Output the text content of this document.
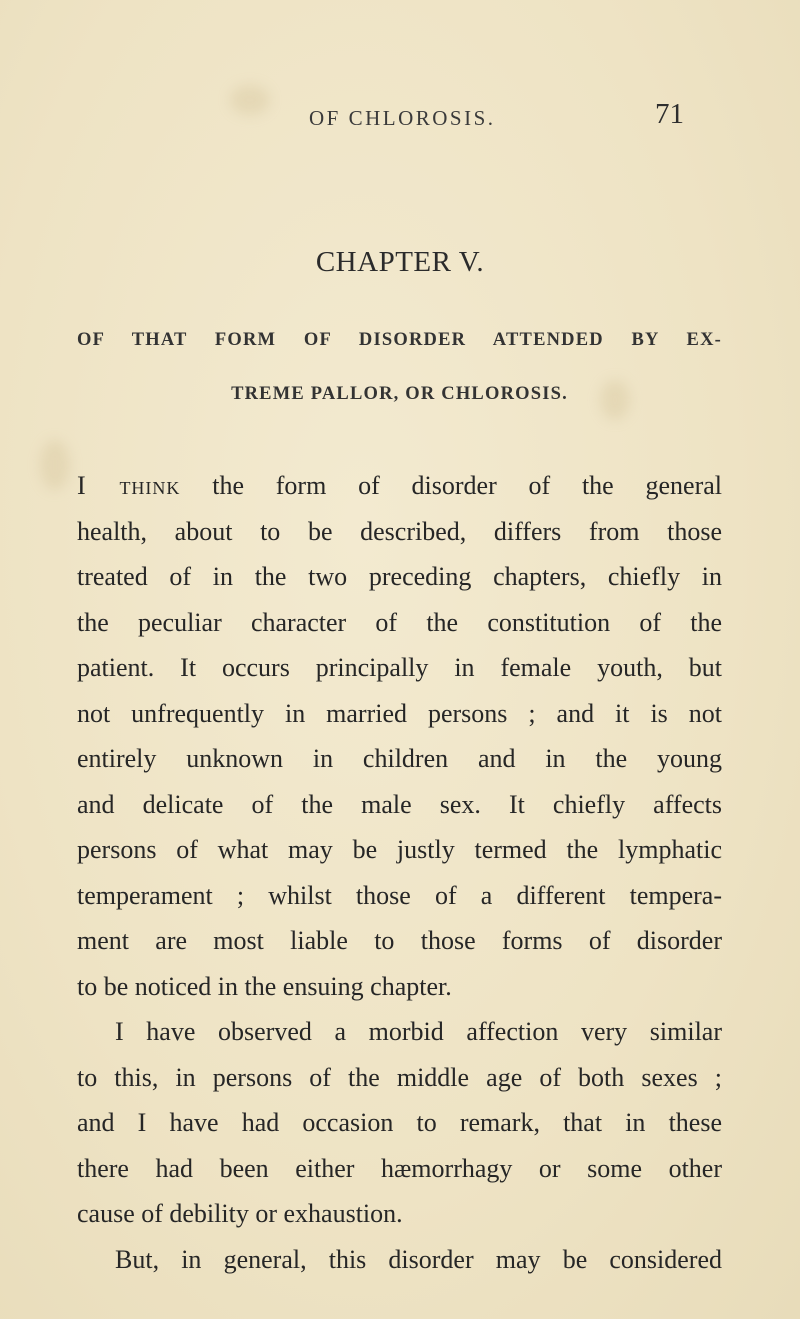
OF CHLOROSIS.	71
CHAPTER V.
OF THAT FORM OF DISORDER ATTENDED BY EX-
TREME PALLOR, OR CHLOROSIS.
I think the form of disorder of the general
health, about to be described, differs from those
treated of in the two preceding chapters, chiefly in
the peculiar character of the constitution of the
patient. It occurs principally in female youth, but
not unfrequently in married persons ; and it is not
entirely unknown in children and in the young
and delicate of the male sex. It chiefly affects
persons of what may be justly termed the lymphatic
temperament ; whilst those of a different tempera-
ment are most liable to those forms of disorder
to be noticed in the ensuing chapter.
I have observed a morbid affection very similar
to this, in persons of the middle age of both sexes ;
and I have had occasion to remark, that in these
there had been either hæmorrhagy or some other
cause of debility or exhaustion.
But, in general, this disorder may be considered
